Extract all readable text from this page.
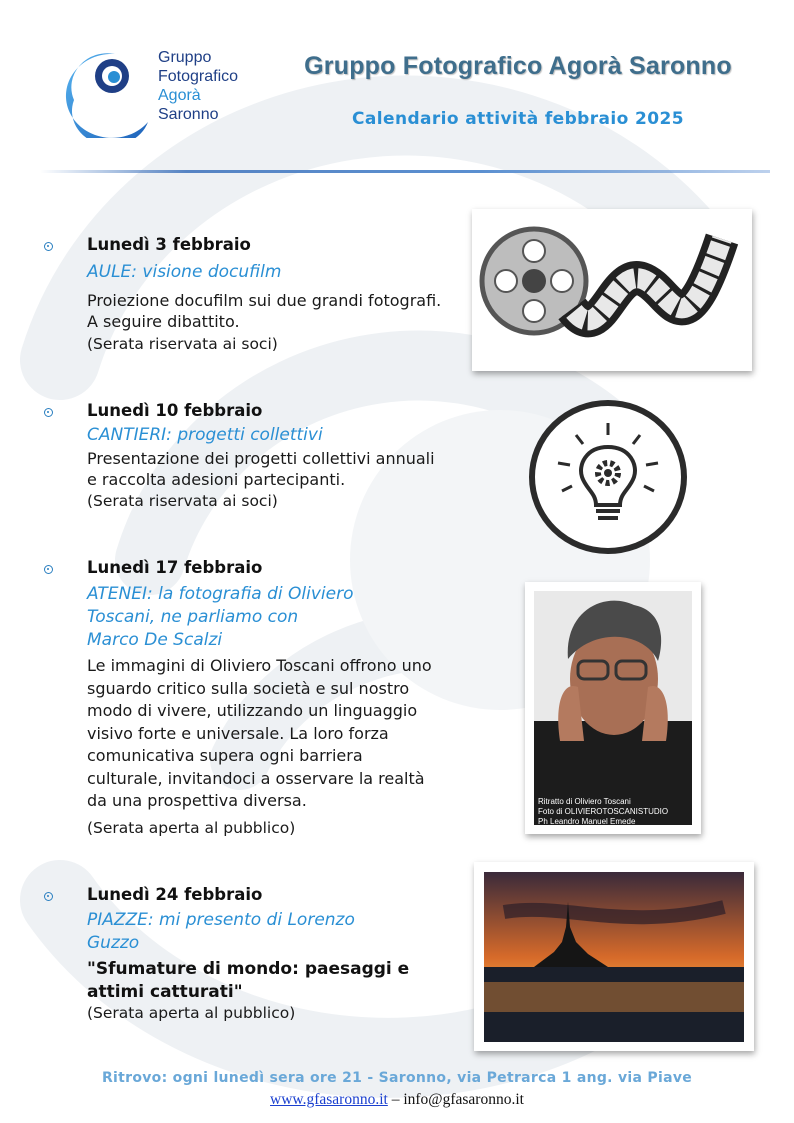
Gruppo
Fotografico
Agorà
Saronno
Gruppo Fotografico Agorà Saronno
Calendario attività febbraio 2025
Lunedì 3 febbraio
AULE: visione docufilm
Proiezione docufilm sui due grandi fotografi.
A seguire dibattito.
(Serata riservata ai soci)
Lunedì 10 febbraio
CANTIERI: progetti collettivi
Presentazione dei progetti collettivi annuali
e raccolta adesioni partecipanti.
(Serata riservata ai soci)
Lunedì 17 febbraio
ATENEI: la fotografia di Oliviero
Toscani, ne parliamo con
Marco De Scalzi
Le immagini di Oliviero Toscani offrono uno
sguardo critico sulla società e sul nostro
modo di vivere, utilizzando un linguaggio
visivo forte e universale. La loro forza
comunicativa supera ogni barriera
culturale, invitandoci a osservare la realtà
da una prospettiva diversa.
(Serata aperta al pubblico)
Ritratto di Oliviero Toscani
Foto di OLIVIEROTOSCANISTUDIO
Ph Leandro Manuel Emede
Lunedì 24 febbraio
PIAZZE: mi presento di Lorenzo
Guzzo
"Sfumature di mondo: paesaggi e
attimi catturati"
(Serata aperta al pubblico)
Ritrovo: ogni lunedì sera ore 21 - Saronno, via Petrarca 1 ang. via Piave
www.gfasaronno.it – info@gfasaronno.it
